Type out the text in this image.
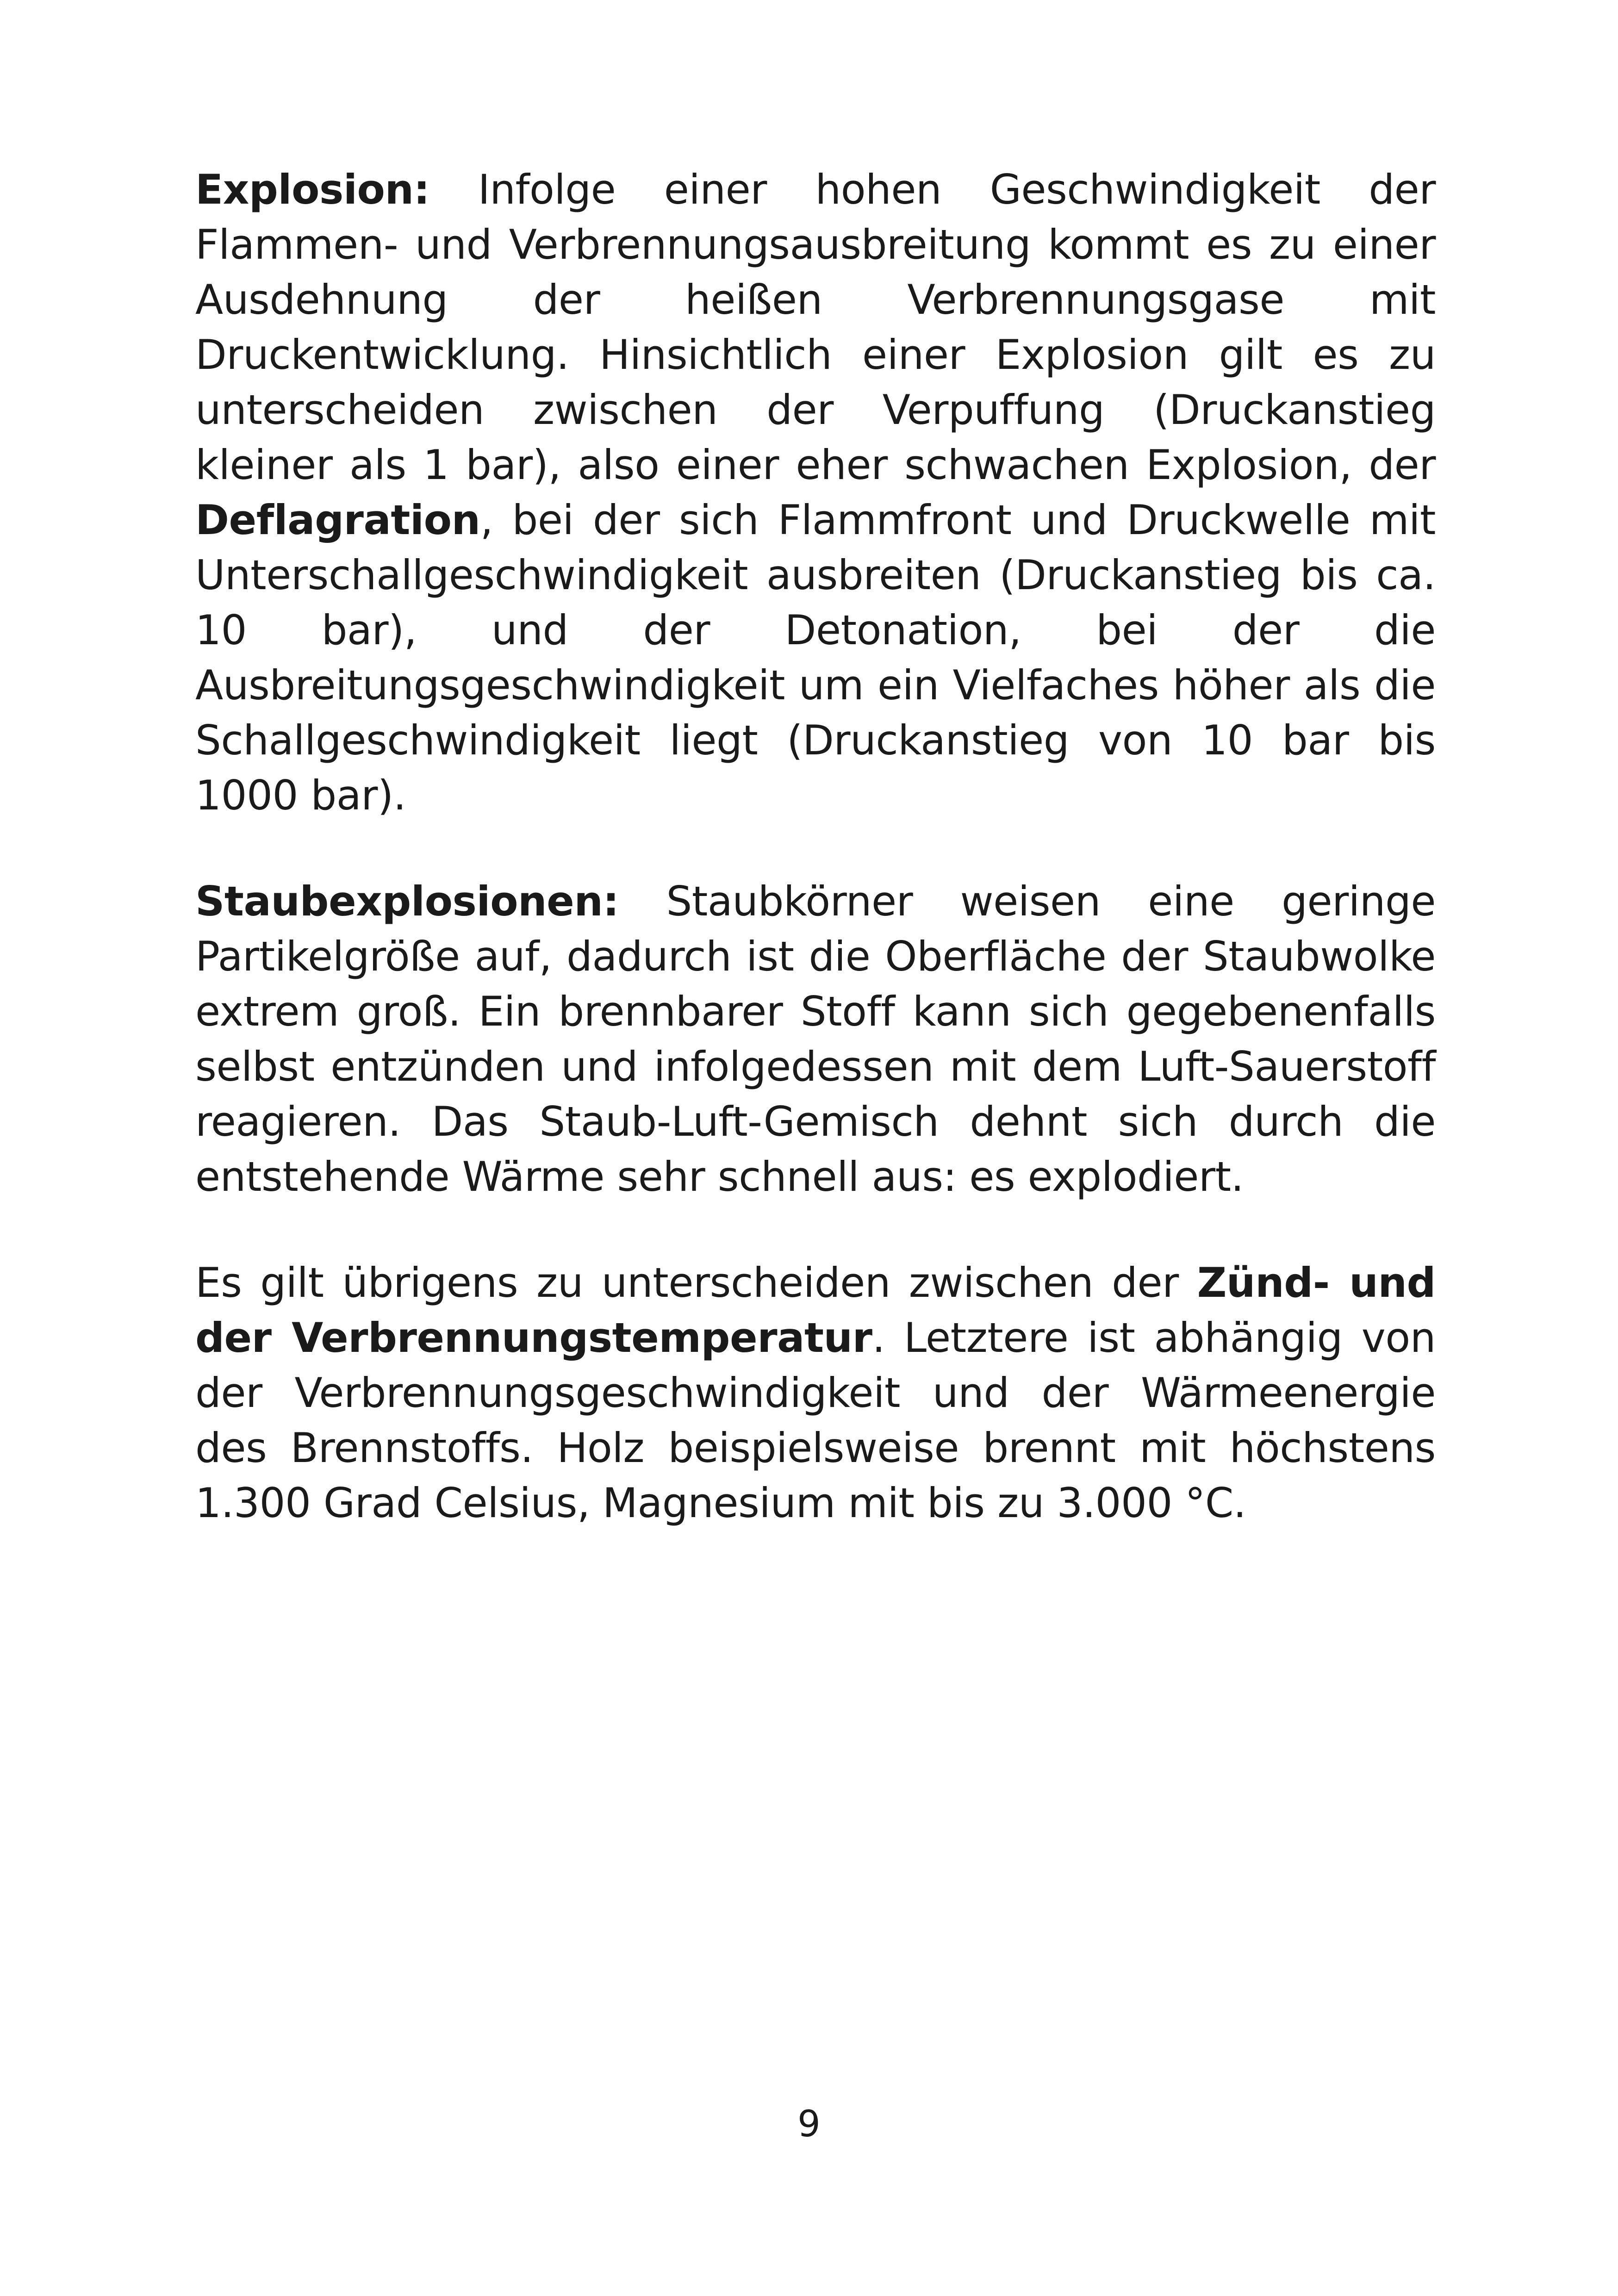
Explosion: Infolge einer hohen Geschwindigkeit der Flammen- und Verbrennungsausbreitung kommt es zu einer Ausdehnung der heißen Verbrennungsgase mit Druckentwicklung. Hinsichtlich einer Explosion gilt es zu unterscheiden zwischen der Verpuffung (Druckanstieg kleiner als 1 bar), also einer eher schwachen Explosion, der Deflagration, bei der sich Flammfront und Druckwelle mit Unterschallgeschwindigkeit ausbreiten (Druckanstieg bis ca. 10 bar), und der Detonation, bei der die Ausbreitungsgeschwindigkeit um ein Vielfaches höher als die Schallgeschwindigkeit liegt (Druckanstieg von 10 bar bis 1000 bar).

Staubexplosionen: Staubkörner weisen eine geringe Partikelgröße auf, dadurch ist die Oberfläche der Staubwolke extrem groß. Ein brennbarer Stoff kann sich gegebenenfalls selbst entzünden und infolgedessen mit dem Luft-Sauerstoff reagieren. Das Staub-Luft-Gemisch dehnt sich durch die entstehende Wärme sehr schnell aus: es explodiert.

Es gilt übrigens zu unterscheiden zwischen der Zünd- und der Verbrennungstemperatur. Letztere ist abhängig von der Verbrennungsgeschwindigkeit und der Wärmeenergie des Brennstoffs. Holz beispielsweise brennt mit höchstens 1.300 Grad Celsius, Magnesium mit bis zu 3.000 °C.

9
